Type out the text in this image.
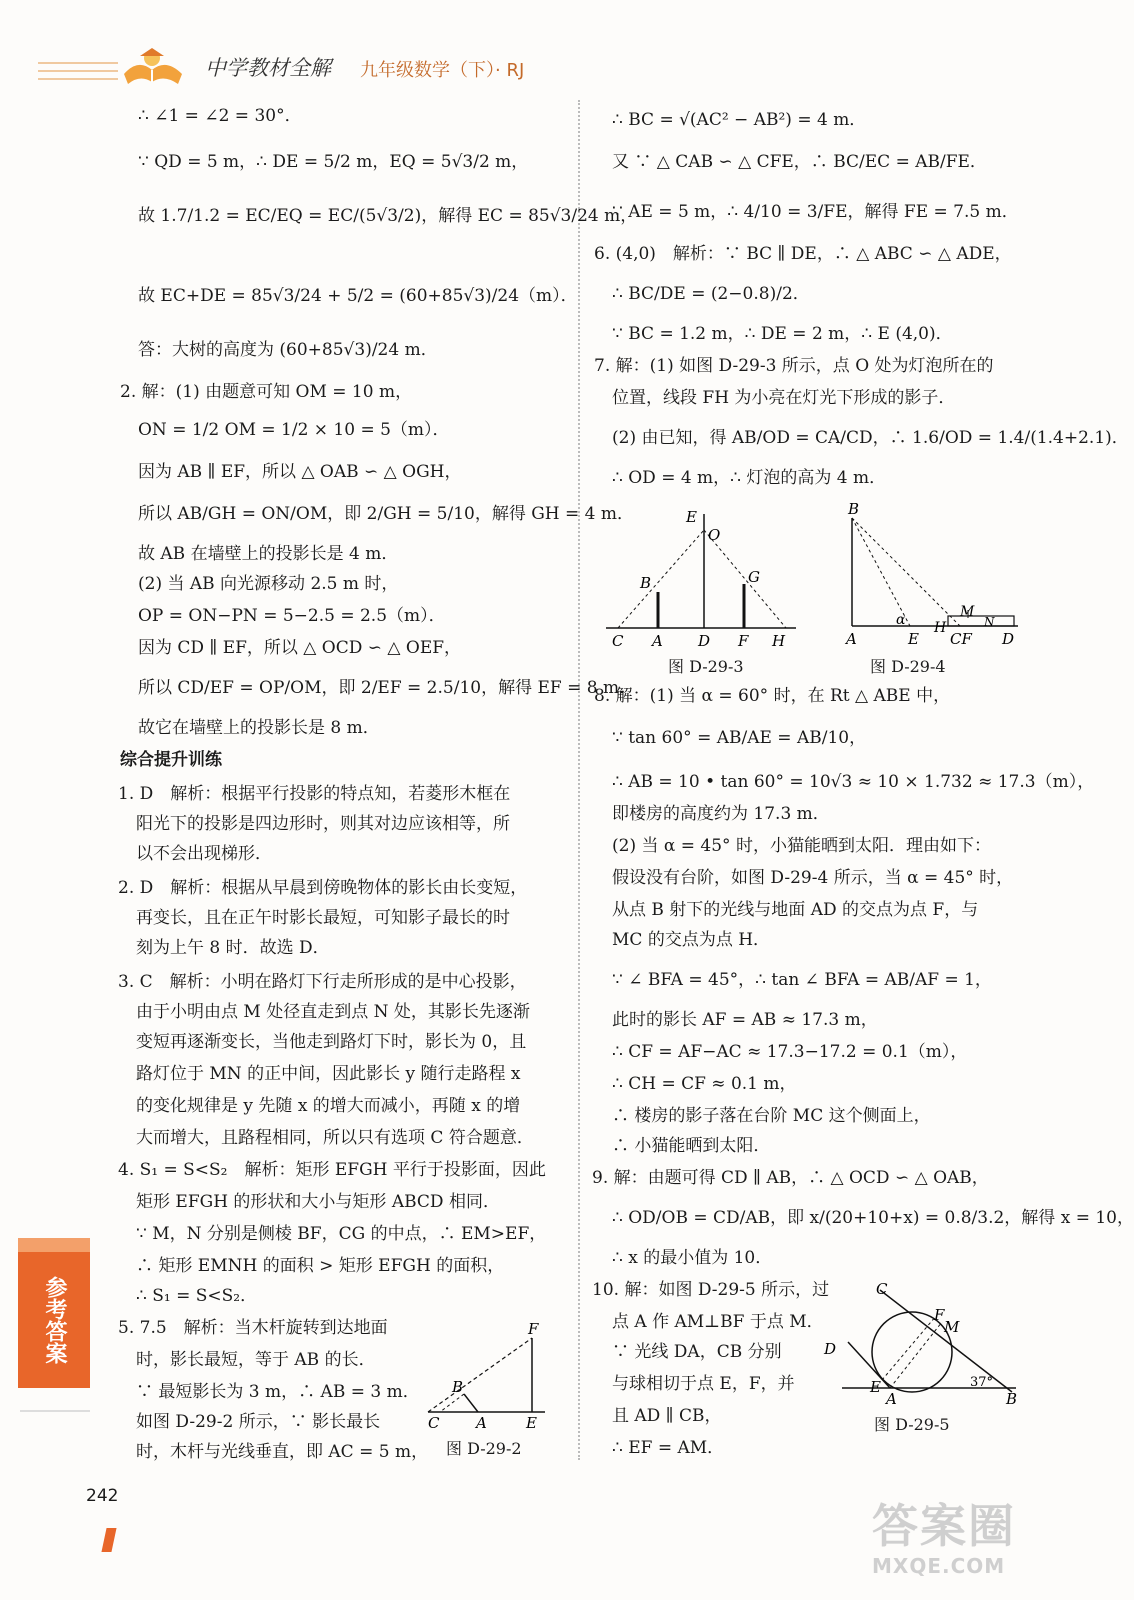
中学教材全解 九年级数学（下）· RJ
∴ ∠1 = ∠2 = 30°．
∵ QD = 5 m，∴ DE = 5/2 m，EQ = 5√3/2 m，
故 1.7/1.2 = EC/EQ = EC/(5√3/2)，解得 EC = 85√3/24 m，
故 EC+DE = 85√3/24 + 5/2 = (60+85√3)/24（m）．
答：大树的高度为 (60+85√3)/24 m．
2. 解：(1) 由题意可知 OM = 10 m，
ON = 1/2 OM = 1/2 × 10 = 5（m）．
因为 AB ∥ EF，所以 △ OAB ∽ △ OGH，
所以 AB/GH = ON/OM，即 2/GH = 5/10，解得 GH = 4 m．
故 AB 在墙壁上的投影长是 4 m．
(2) 当 AB 向光源移动 2.5 m 时，
OP = ON−PN = 5−2.5 = 2.5（m）．
因为 CD ∥ EF，所以 △ OCD ∽ △ OEF，
所以 CD/EF = OP/OM，即 2/EF = 2.5/10，解得 EF = 8 m．
故它在墙壁上的投影长是 8 m．
综合提升训练
1. D　解析：根据平行投影的特点知，若菱形木框在
阳光下的投影是四边形时，则其对边应该相等，所
以不会出现梯形．
2. D　解析：根据从早晨到傍晚物体的影长由长变短，
再变长，且在正午时影长最短，可知影子最长的时
刻为上午 8 时．故选 D．
3. C　解析：小明在路灯下行走所形成的是中心投影，
由于小明由点 M 处径直走到点 N 处，其影长先逐渐
变短再逐渐变长，当他走到路灯下时，影长为 0，且
路灯位于 MN 的正中间，因此影长 y 随行走路程 x
的变化规律是 y 先随 x 的增大而减小，再随 x 的增
大而增大，且路程相同，所以只有选项 C 符合题意．
4. S₁ = S<S₂　解析：矩形 EFGH 平行于投影面，因此
矩形 EFGH 的形状和大小与矩形 ABCD 相同．
∵ M，N 分别是侧棱 BF，CG 的中点，∴ EM>EF，
∴ 矩形 EMNH 的面积 > 矩形 EFGH 的面积，
∴ S₁ = S<S₂．
5. 7.5　解析：当木杆旋转到达地面
时，影长最短，等于 AB 的长．
∵ 最短影长为 3 m，∴ AB = 3 m．
如图 D-29-2 所示，∵ 影长最长
时，木杆与光线垂直，即 AC = 5 m，
F
B
C A	E
图 D-29-2
∴ BC = √(AC² − AB²) = 4 m．
又 ∵ △ CAB ∽ △ CFE，∴ BC/EC = AB/FE．
∵ AE = 5 m，∴ 4/10 = 3/FE，解得 FE = 7.5 m．
6. (4,0)　解析：∵ BC ∥ DE，∴ △ ABC ∽ △ ADE，
∴ BC/DE = (2−0.8)/2．
∵ BC = 1.2 m，∴ DE = 2 m，∴ E (4,0)．
7. 解：(1) 如图 D-29-3 所示，点 O 处为灯泡所在的
位置，线段 FH 为小亮在灯光下形成的影子．
(2) 由已知，得 AB/OD = CA/CD，∴ 1.6/OD = 1.4/(1.4+2.1)．
∴ OD = 4 m，∴ 灯泡的高为 4 m．
8. 解：(1) 当 α = 60° 时，在 Rt △ ABE 中，
∵ tan 60° = AB/AE = AB/10，
∴ AB = 10 • tan 60° = 10√3 ≈ 10 × 1.732 ≈ 17.3（m），
即楼房的高度约为 17.3 m．
(2) 当 α = 45° 时，小猫能晒到太阳．理由如下：
假设没有台阶，如图 D-29-4 所示，当 α = 45° 时，
从点 B 射下的光线与地面 AD 的交点为点 F，与
MC 的交点为点 H．
∵ ∠ BFA = 45°，∴ tan ∠ BFA = AB/AF = 1，
此时的影长 AF = AB ≈ 17.3 m，
∴ CF = AF−AC ≈ 17.3−17.2 = 0.1（m），
∴ CH = CF ≈ 0.1 m，
∴ 楼房的影子落在台阶 MC 这个侧面上，
∴ 小猫能晒到太阳．
9. 解：由题可得 CD ∥ AB，∴ △ OCD ∽ △ OAB，
∴ OD/OB = CD/AB，即 x/(20+10+x) = 0.8/3.2，解得 x = 10，
∴ x 的最小值为 10．
10. 解：如图 D-29-5 所示，过
点 A 作 AM⊥BF 于点 M．
∵ 光线 DA，CB 分别
与球相切于点 E，F，并
且 AD ∥ CB，
∴ EF = AM．
E
O
B	G
C A D F H
图 D-29-3
B
α	M
N
A	E
H
CF D
图 D-29-4
C
F
M
D
E	37°
A	B
图 D-29-5
参考答案
242
答案圈
MXQE.COM
